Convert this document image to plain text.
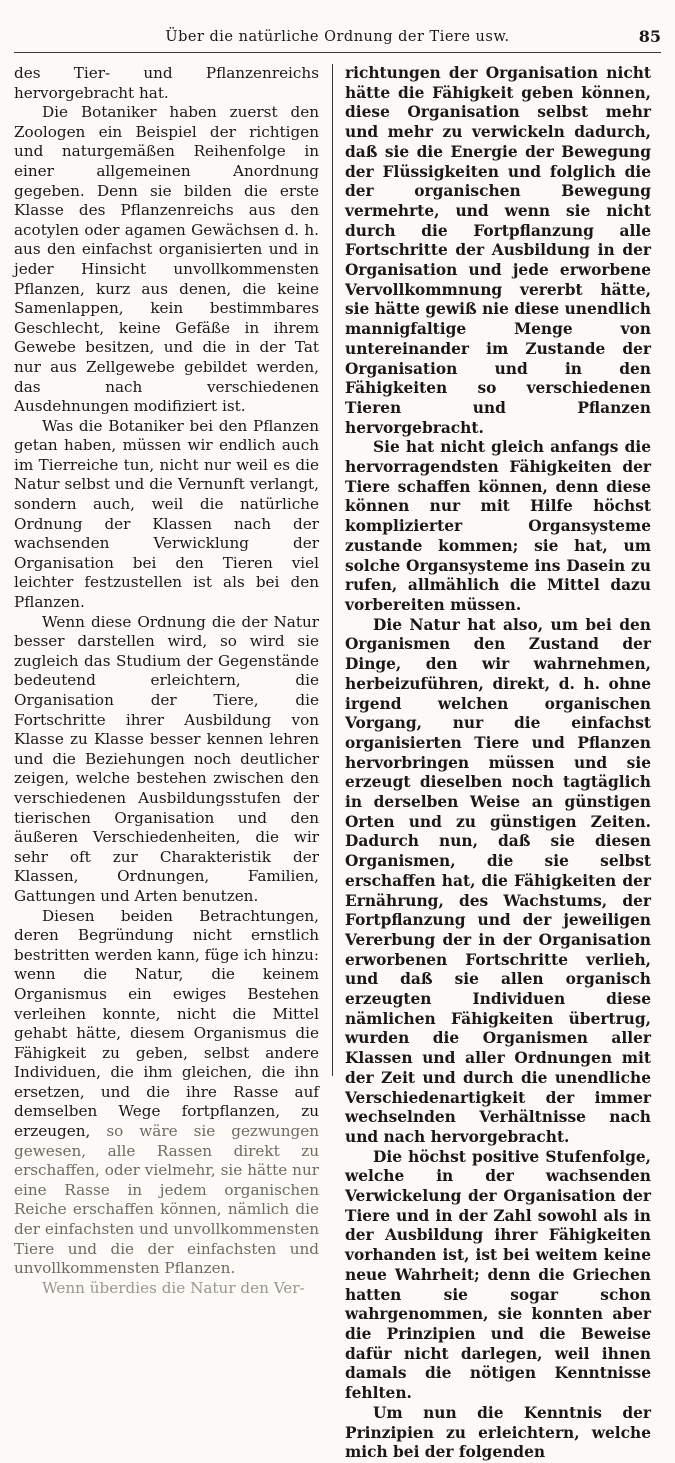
Über die natürliche Ordnung der Tiere usw.	85

des Tier- und Pflanzenreichs hervorgebracht hat.

Die Botaniker haben zuerst den Zoologen ein Beispiel der richtigen und naturgemäßen Reihenfolge in einer allgemeinen Anordnung gegeben. Denn sie bilden die erste Klasse des Pflanzenreichs aus den acotylen oder agamen Gewächsen d. h. aus den einfachst organisierten und in jeder Hinsicht unvollkommensten Pflanzen, kurz aus denen, die keine Samenlappen, kein bestimmbares Geschlecht, keine Gefäße in ihrem Gewebe besitzen, und die in der Tat nur aus Zellgewebe gebildet werden, das nach verschiedenen Ausdehnungen modifiziert ist.

Was die Botaniker bei den Pflanzen getan haben, müssen wir endlich auch im Tierreiche tun, nicht nur weil es die Natur selbst und die Vernunft verlangt, sondern auch, weil die natürliche Ordnung der Klassen nach der wachsenden Verwicklung der Organisation bei den Tieren viel leichter festzustellen ist als bei den Pflanzen.

Wenn diese Ordnung die der Natur besser darstellen wird, so wird sie zugleich das Studium der Gegenstände bedeutend erleichtern, die Organisation der Tiere, die Fortschritte ihrer Ausbildung von Klasse zu Klasse besser kennen lehren und die Beziehungen noch deutlicher zeigen, welche bestehen zwischen den verschiedenen Ausbildungsstufen der tierischen Organisation und den äußeren Verschiedenheiten, die wir sehr oft zur Charakteristik der Klassen, Ordnungen, Familien, Gattungen und Arten benutzen.

Diesen beiden Betrachtungen, deren Begründung nicht ernstlich bestritten werden kann, füge ich hinzu: wenn die Natur, die keinem Organismus ein ewiges Bestehen verleihen konnte, nicht die Mittel gehabt hätte, diesem Organismus die Fähigkeit zu geben, selbst andere Individuen, die ihm gleichen, die ihn ersetzen, und die ihre Rasse auf demselben Wege fortpflanzen, zu erzeugen, so wäre sie gezwungen gewesen, alle Rassen direkt zu erschaffen, oder vielmehr, sie hätte nur eine Rasse in jedem organischen Reiche erschaffen können, nämlich die der einfachsten und unvollkommensten Tiere und die der einfachsten und unvollkommensten Pflanzen.

Wenn überdies die Natur den Ver-

richtungen der Organisation nicht hätte die Fähigkeit geben können, diese Organisation selbst mehr und mehr zu verwickeln dadurch, daß sie die Energie der Bewegung der Flüssigkeiten und folglich die der organischen Bewegung vermehrte, und wenn sie nicht durch die Fortpflanzung alle Fortschritte der Ausbildung in der Organisation und jede erworbene Vervollkommnung vererbt hätte, sie hätte gewiß nie diese unendlich mannigfaltige Menge von untereinander im Zustande der Organisation und in den Fähigkeiten so verschiedenen Tieren und Pflanzen hervorgebracht.

Sie hat nicht gleich anfangs die hervorragendsten Fähigkeiten der Tiere schaffen können, denn diese können nur mit Hilfe höchst komplizierter Organsysteme zustande kommen; sie hat, um solche Organsysteme ins Dasein zu rufen, allmählich die Mittel dazu vorbereiten müssen.

Die Natur hat also, um bei den Organismen den Zustand der Dinge, den wir wahrnehmen, herbeizuführen, direkt, d. h. ohne irgend welchen organischen Vorgang, nur die einfachst organisierten Tiere und Pflanzen hervorbringen müssen und sie erzeugt dieselben noch tagtäglich in derselben Weise an günstigen Orten und zu günstigen Zeiten. Dadurch nun, daß sie diesen Organismen, die sie selbst erschaffen hat, die Fähigkeiten der Ernährung, des Wachstums, der Fortpflanzung und der jeweiligen Vererbung der in der Organisation erworbenen Fortschritte verlieh, und daß sie allen organisch erzeugten Individuen diese nämlichen Fähigkeiten übertrug, wurden die Organismen aller Klassen und aller Ordnungen mit der Zeit und durch die unendliche Verschiedenartigkeit der immer wechselnden Verhältnisse nach und nach hervorgebracht.

Die höchst positive Stufenfolge, welche in der wachsenden Verwickelung der Organisation der Tiere und in der Zahl sowohl als in der Ausbildung ihrer Fähigkeiten vorhanden ist, ist bei weitem keine neue Wahrheit; denn die Griechen hatten sie sogar schon wahrgenommen, sie konnten aber die Prinzipien und die Beweise dafür nicht darlegen, weil ihnen damals die nötigen Kenntnisse fehlten.

Um nun die Kenntnis der Prinzipien zu erleichtern, welche mich bei der folgenden
